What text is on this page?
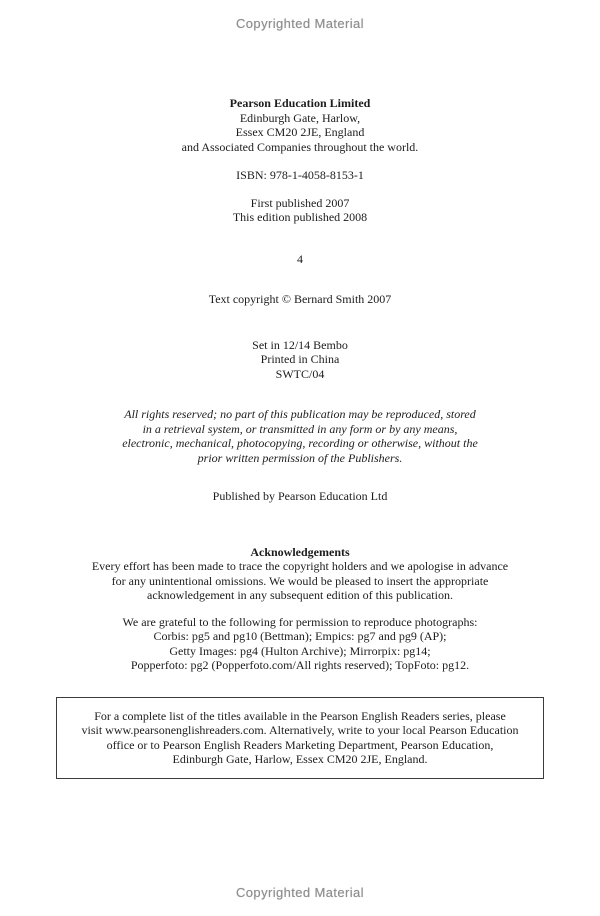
Copyrighted Material
Pearson Education Limited
Edinburgh Gate, Harlow,
Essex CM20 2JE, England
and Associated Companies throughout the world.
ISBN: 978-1-4058-8153-1
First published 2007
This edition published 2008
4
Text copyright © Bernard Smith 2007
Set in 12/14 Bembo
Printed in China
SWTC/04
All rights reserved; no part of this publication may be reproduced, stored
in a retrieval system, or transmitted in any form or by any means,
electronic, mechanical, photocopying, recording or otherwise, without the
prior written permission of the Publishers.
Published by Pearson Education Ltd
Acknowledgements
Every effort has been made to trace the copyright holders and we apologise in advance
for any unintentional omissions. We would be pleased to insert the appropriate
acknowledgement in any subsequent edition of this publication.
We are grateful to the following for permission to reproduce photographs:
Corbis: pg5 and pg10 (Bettman); Empics: pg7 and pg9 (AP);
Getty Images: pg4 (Hulton Archive); Mirrorpix: pg14;
Popperfoto: pg2 (Popperfoto.com/All rights reserved); TopFoto: pg12.
For a complete list of the titles available in the Pearson English Readers series, please
visit www.pearsonenglishreaders.com. Alternatively, write to your local Pearson Education
office or to Pearson English Readers Marketing Department, Pearson Education,
Edinburgh Gate, Harlow, Essex CM20 2JE, England.
Copyrighted Material
